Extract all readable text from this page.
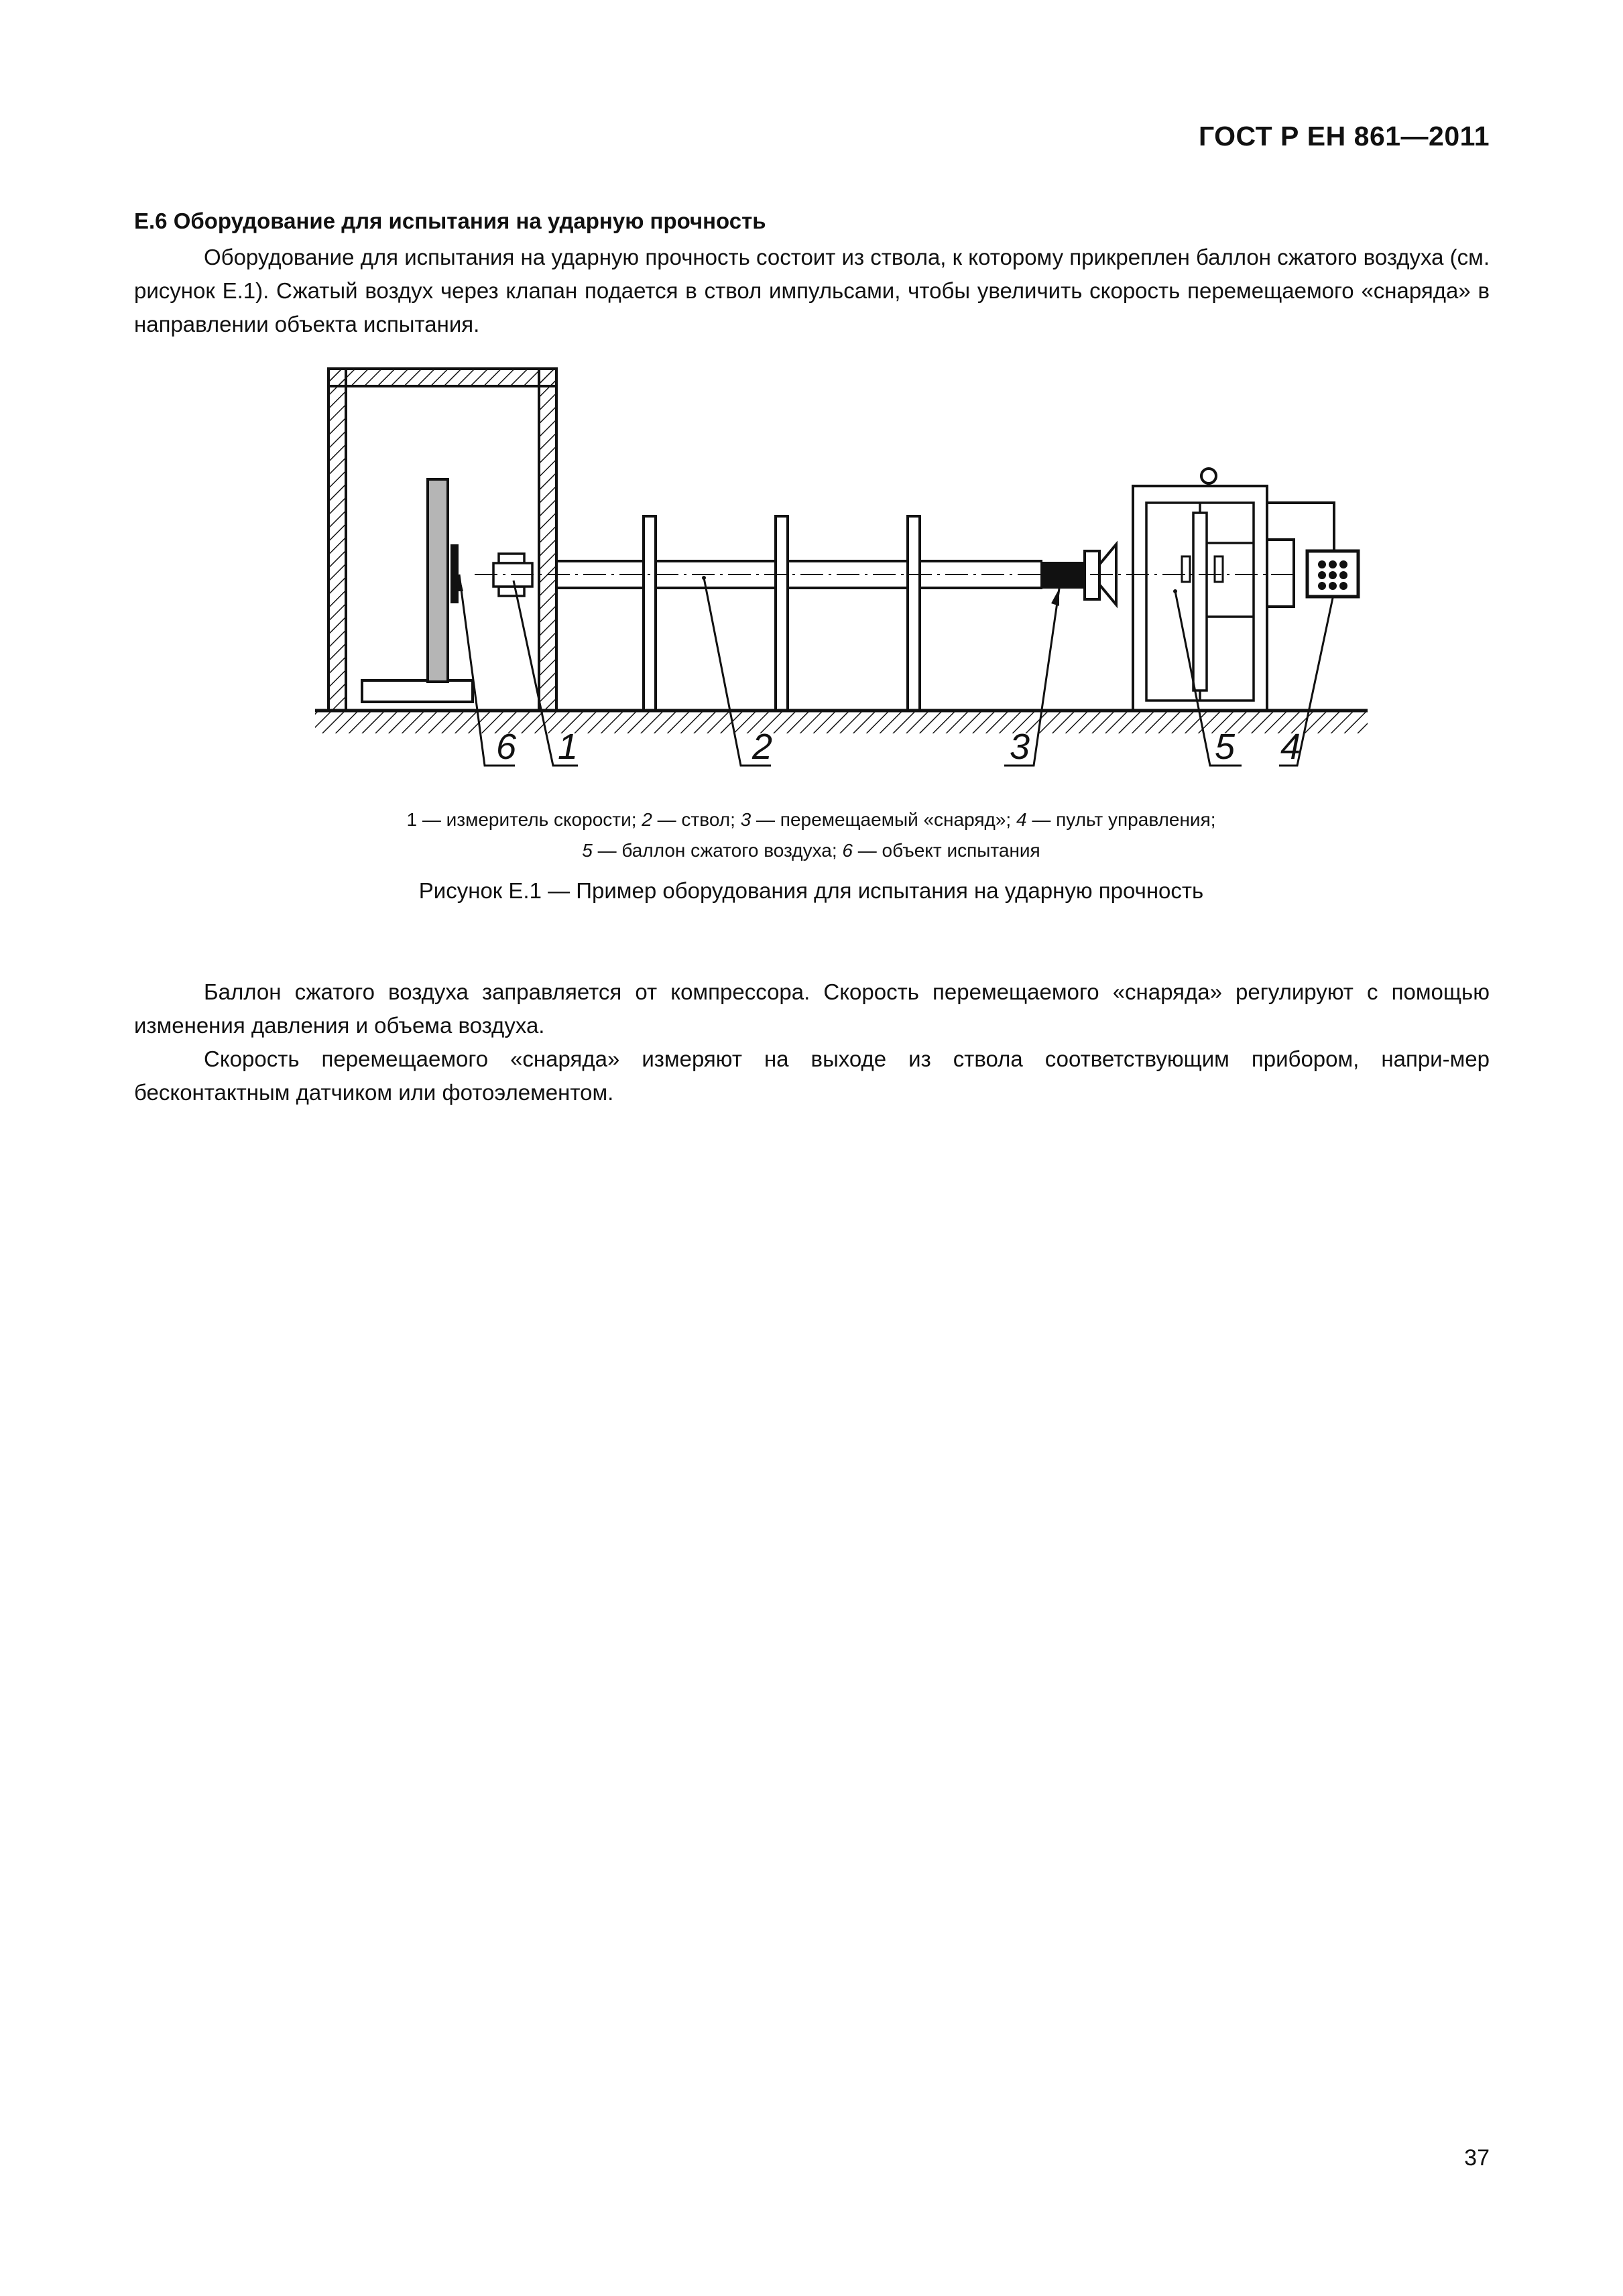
ГОСТ Р ЕН 861—2011

Е.6 Оборудование для испытания на ударную прочность

Оборудование для испытания на ударную прочность состоит из ствола, к которому прикреплен баллон сжатого воздуха (см. рисунок Е.1). Сжатый воздух через клапан подается в ствол импульсами, чтобы увеличить скорость перемещаемого «снаряда» в направлении объекта испытания.

6 1	2	3	5 4
1 — измеритель скорости; 2 — ствол; 3 — перемещаемый «снаряд»; 4 — пульт управления;
5 — баллон сжатого воздуха; 6 — объект испытания
Рисунок Е.1 — Пример оборудования для испытания на ударную прочность

Баллон сжатого воздуха заправляется от компрессора. Скорость перемещаемого «снаряда» регулируют с помощью изменения давления и объема воздуха.

Скорость перемещаемого «снаряда» измеряют на выходе из ствола соответствующим прибором, напри-мер бесконтактным датчиком или фотоэлементом.

37
